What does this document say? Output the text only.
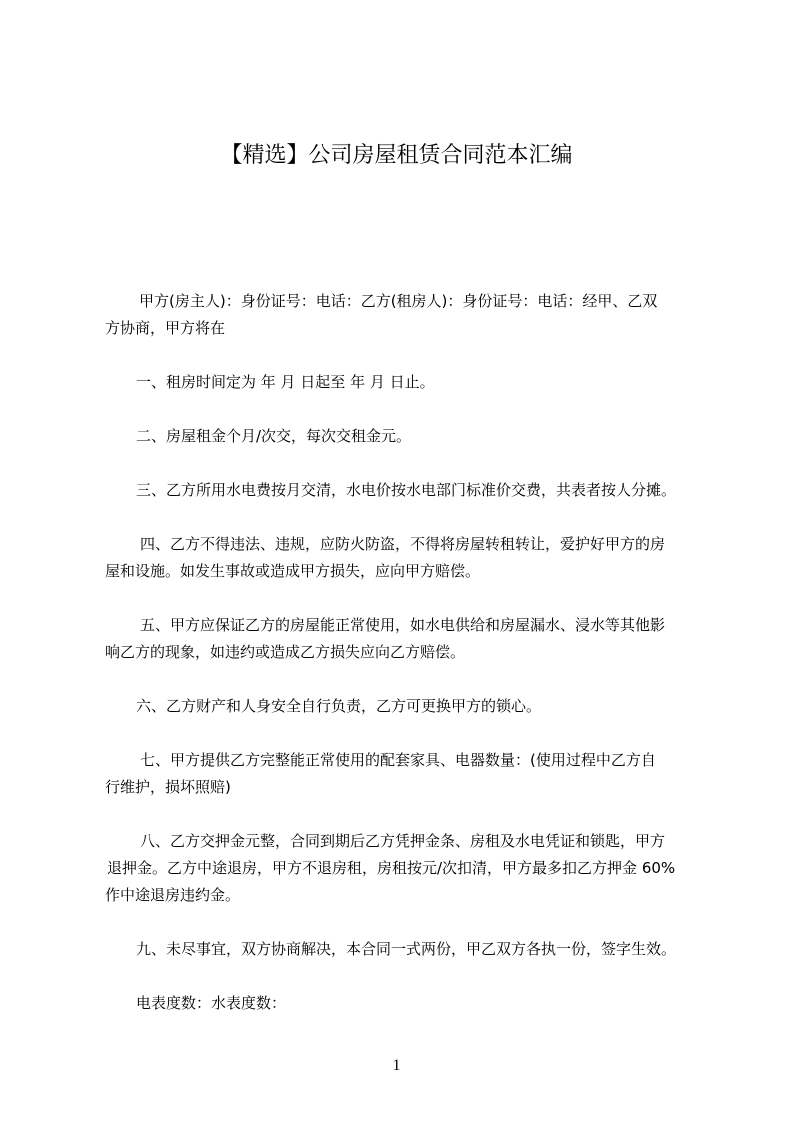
【精选】公司房屋租赁合同范本汇编
甲方(房主人)：身份证号：电话：乙方(租房人)：身份证号：电话：经甲、乙双
方协商，甲方将在
一、租房时间定为 年 月 日起至 年 月 日止。
二、房屋租金个月/次交，每次交租金元。
三、乙方所用水电费按月交清，水电价按水电部门标准价交费，共表者按人分摊。
四、乙方不得违法、违规，应防火防盗，不得将房屋转租转让，爱护好甲方的房
屋和设施。如发生事故或造成甲方损失，应向甲方赔偿。
五、甲方应保证乙方的房屋能正常使用，如水电供给和房屋漏水、浸水等其他影
响乙方的现象，如违约或造成乙方损失应向乙方赔偿。
六、乙方财产和人身安全自行负责，乙方可更换甲方的锁心。
七、甲方提供乙方完整能正常使用的配套家具、电器数量：(使用过程中乙方自
行维护，损坏照赔)
八、乙方交押金元整，合同到期后乙方凭押金条、房租及水电凭证和锁匙，甲方
退押金。乙方中途退房，甲方不退房租，房租按元/次扣清，甲方最多扣乙方押金 60%
作中途退房违约金。
九、未尽事宜，双方协商解决，本合同一式两份，甲乙双方各执一份，签字生效。
电表度数：水表度数：
1
